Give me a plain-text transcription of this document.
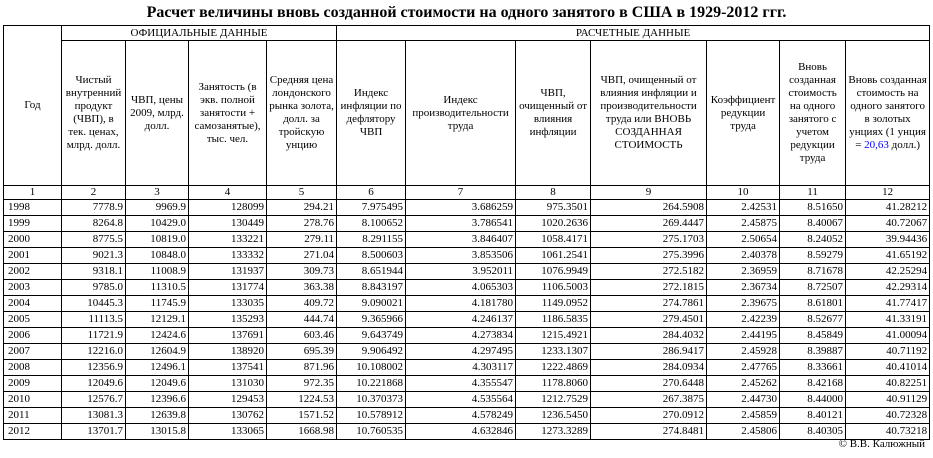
Расчет величины вновь созданной стоимости на одного занятого в США в 1929-2012 ггг.
Год	ОФИЦИАЛЬНЫЕ ДАННЫЕ				РАСЧЕТНЫЕ ДАННЫЕ						
	Чистый внутренний продукт (ЧВП), в тек. ценах, млрд. долл.	ЧВП, цены 2009, млрд. долл.	Занятость (в экв. полной занятости + самозанятые), тыс. чел.	Средняя цена лондонского рынка золота, долл. за тройскую унцию	Индекс инфляции по дефлятору ЧВП	Индекс производительности труда	ЧВП, очищенный от влияния инфляции	ЧВП, очищенный от влияния инфляции и производительности труда или ВНОВЬ СОЗДАННАЯ СТОИМОСТЬ	Коэффициент редукции труда	Вновь созданная стоимость на одного занятого с учетом редукции труда	Вновь созданная стоимость на одного занятого в золотых унциях (1 унция = 20,63 долл.)
1	2	3	4	5	6	7	8	9	10	11	12
1998	7778.9	9969.9	128099	294.21	7.975495	3.686259	975.3501	264.5908	2.42531	8.51650	41.28212
1999	8264.8	10429.0	130449	278.76	8.100652	3.786541	1020.2636	269.4447	2.45875	8.40067	40.72067
2000	8775.5	10819.0	133221	279.11	8.291155	3.846407	1058.4171	275.1703	2.50654	8.24052	39.94436
2001	9021.3	10848.0	133332	271.04	8.500603	3.853506	1061.2541	275.3996	2.40378	8.59279	41.65192
2002	9318.1	11008.9	131937	309.73	8.651944	3.952011	1076.9949	272.5182	2.36959	8.71678	42.25294
2003	9785.0	11310.5	131774	363.38	8.843197	4.065303	1106.5003	272.1815	2.36734	8.72507	42.29314
2004	10445.3	11745.9	133035	409.72	9.090021	4.181780	1149.0952	274.7861	2.39675	8.61801	41.77417
2005	11113.5	12129.1	135293	444.74	9.365966	4.246137	1186.5835	279.4501	2.42239	8.52677	41.33191
2006	11721.9	12424.6	137691	603.46	9.643749	4.273834	1215.4921	284.4032	2.44195	8.45849	41.00094
2007	12216.0	12604.9	138920	695.39	9.906492	4.297495	1233.1307	286.9417	2.45928	8.39887	40.71192
2008	12356.9	12496.1	137541	871.96	10.108002	4.303117	1222.4869	284.0934	2.47765	8.33661	40.41014
2009	12049.6	12049.6	131030	972.35	10.221868	4.355547	1178.8060	270.6448	2.45262	8.42168	40.82251
2010	12576.7	12396.6	129453	1224.53	10.370373	4.535564	1212.7529	267.3875	2.44730	8.44000	40.91129
2011	13081.3	12639.8	130762	1571.52	10.578912	4.578249	1236.5450	270.0912	2.45859	8.40121	40.72328
2012	13701.7	13015.8	133065	1668.98	10.760535	4.632846	1273.3289	274.8481	2.45806	8.40305	40.73218
© В.В. Калюжный
